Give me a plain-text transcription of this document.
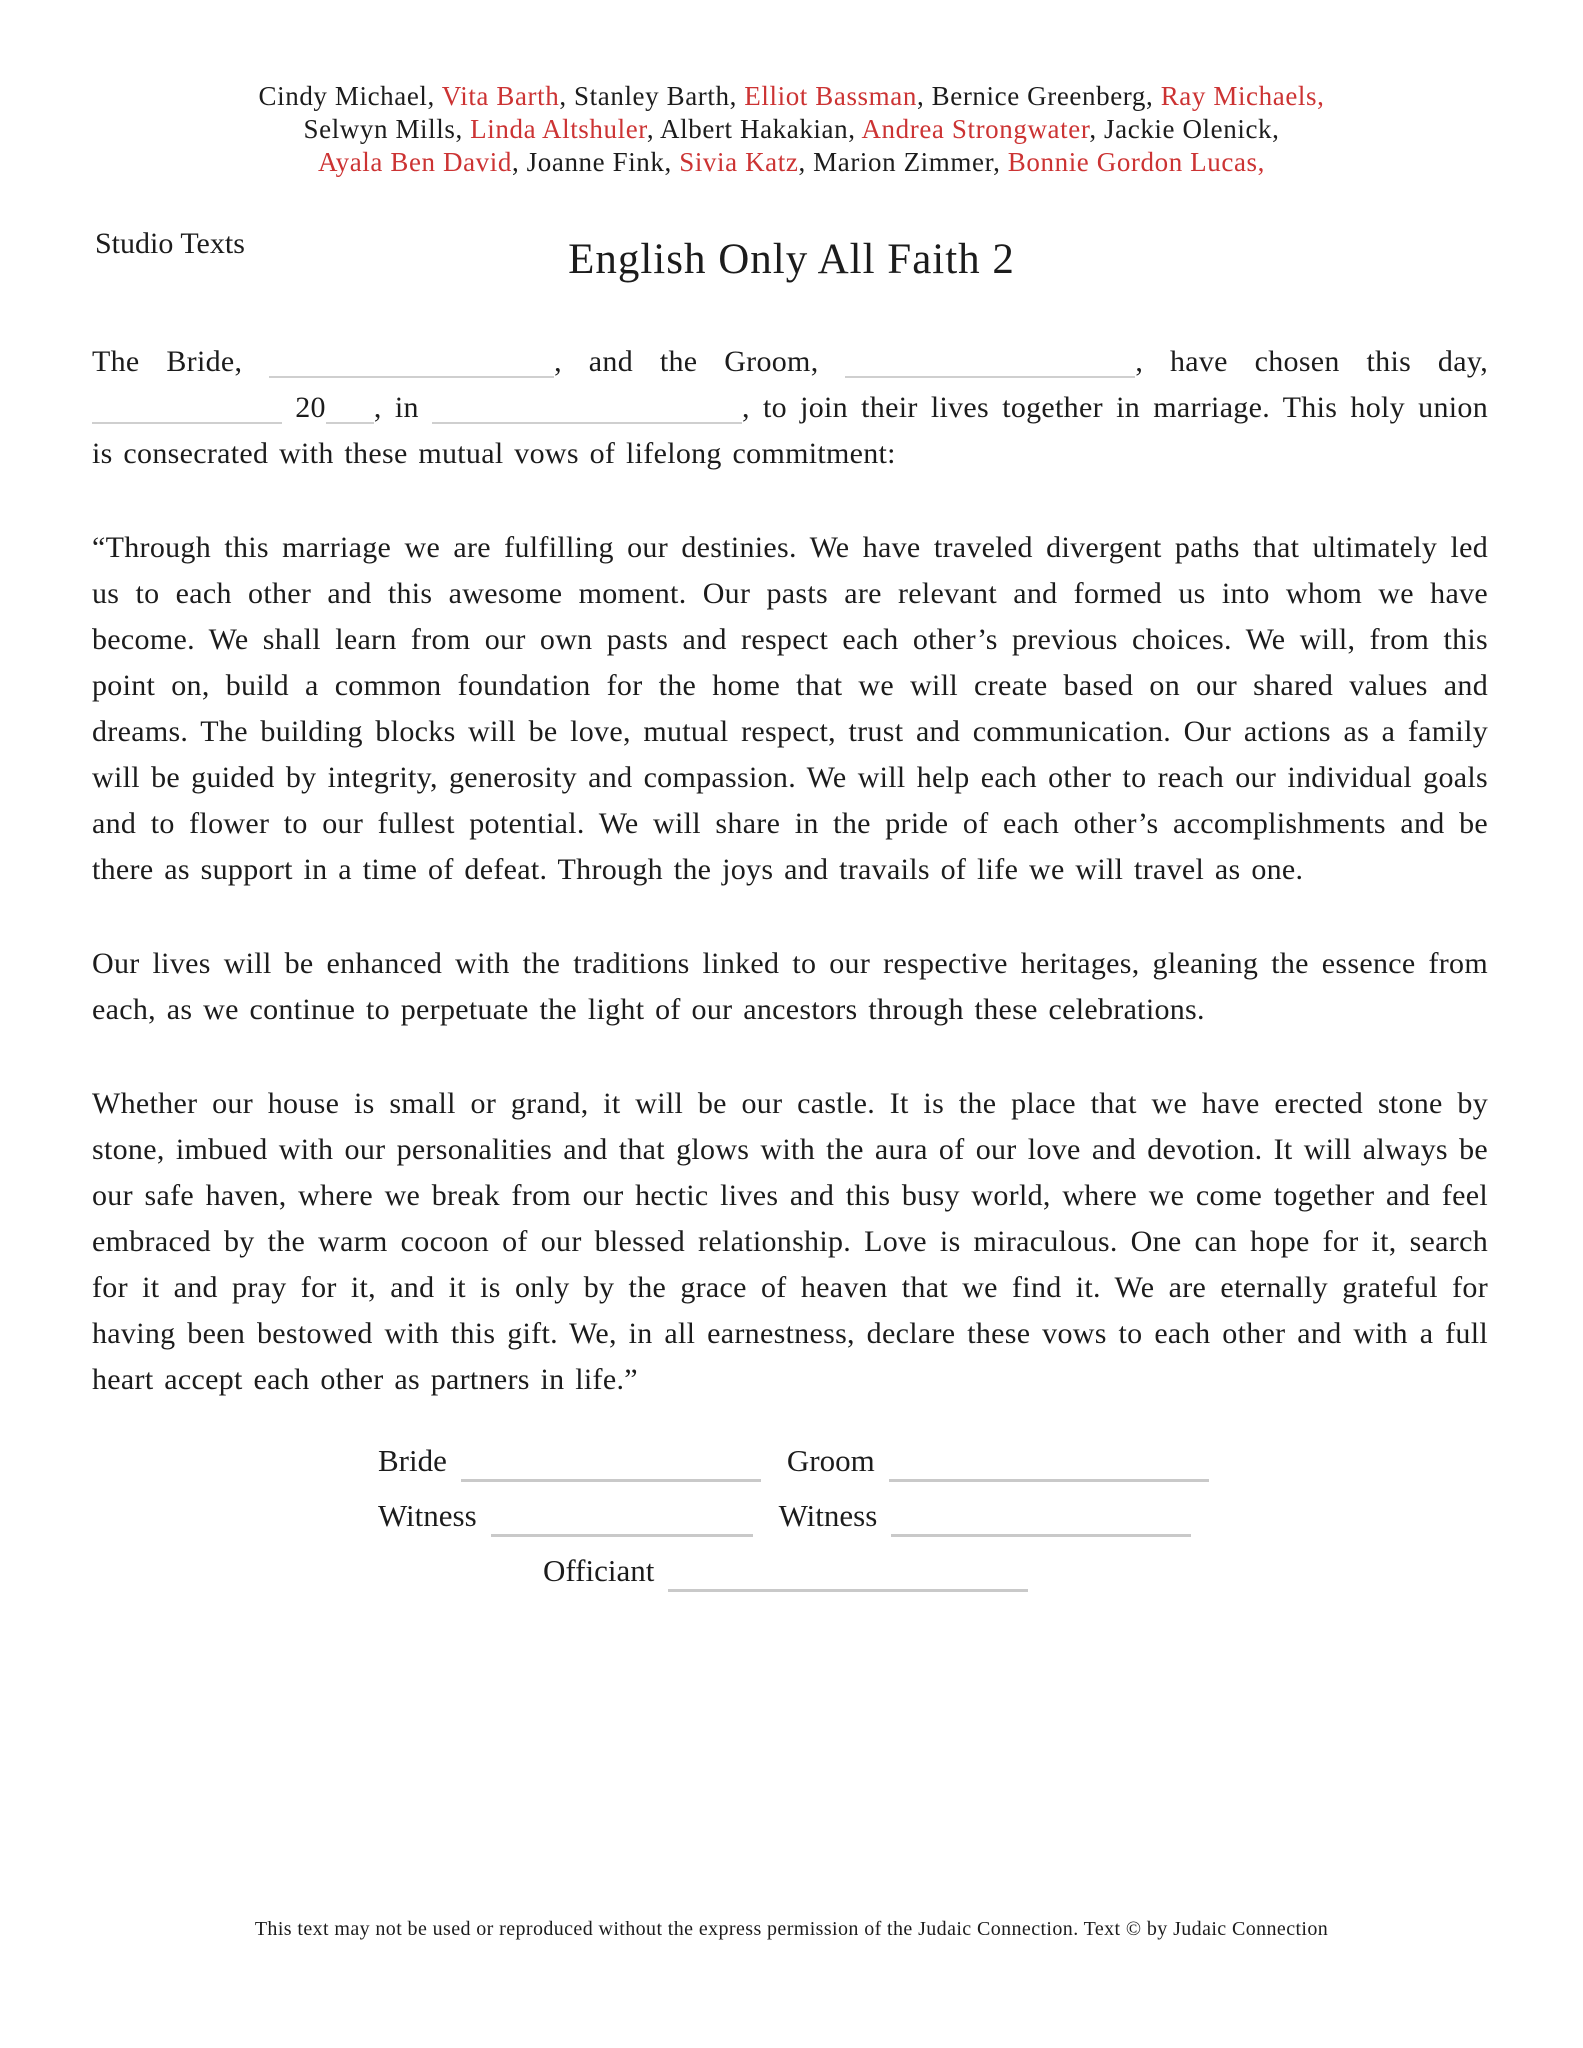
Cindy Michael, Vita Barth, Stanley Barth, Elliot Bassman, Bernice Greenberg, Ray Michaels,
Selwyn Mills, Linda Altshuler, Albert Hakakian, Andrea Strongwater, Jackie Olenick,
Ayala Ben David, Joanne Fink, Sivia Katz, Marion Zimmer, Bonnie Gordon Lucas,
Studio Texts	English Only All Faith 2
The Bride,	, and the Groom,	, have chosen this day,  20 , in	, to join their lives together in marriage. This holy union is consecrated with these mutual vows of lifelong commitment:
“Through this marriage we are fulfilling our destinies. We have traveled divergent paths that ultimately led us to each other and this awesome moment. Our pasts are relevant and formed us into whom we have become. We shall learn from our own pasts and respect each other’s previous choices. We will, from this point on, build a common foundation for the home that we will create based on our shared values and dreams. The building blocks will be love, mutual respect, trust and communication. Our actions as a family will be guided by integrity, generosity and compassion. We will help each other to reach our individual goals and to flower to our fullest potential. We will share in the pride of each other’s accomplishments and be there as support in a time of defeat. Through the joys and travails of life we will travel as one.
Our lives will be enhanced with the traditions linked to our respective heritages, gleaning the essence from each, as we continue to perpetuate the light of our ancestors through these celebrations.
Whether our house is small or grand, it will be our castle. It is the place that we have erected stone by stone, imbued with our personalities and that glows with the aura of our love and devotion. It will always be our safe haven, where we break from our hectic lives and this busy world, where we come together and feel embraced by the warm cocoon of our blessed relationship. Love is miraculous. One can hope for it, search for it and pray for it, and it is only by the grace of heaven that we find it. We are eternally grateful for having been bestowed with this gift. We, in all earnestness, declare these vows to each other and with a full heart accept each other as partners in life.”
Bride	Groom
Witness	Witness
Officiant
This text may not be used or reproduced without the express permission of the Judaic Connection. Text © by Judaic Connection
